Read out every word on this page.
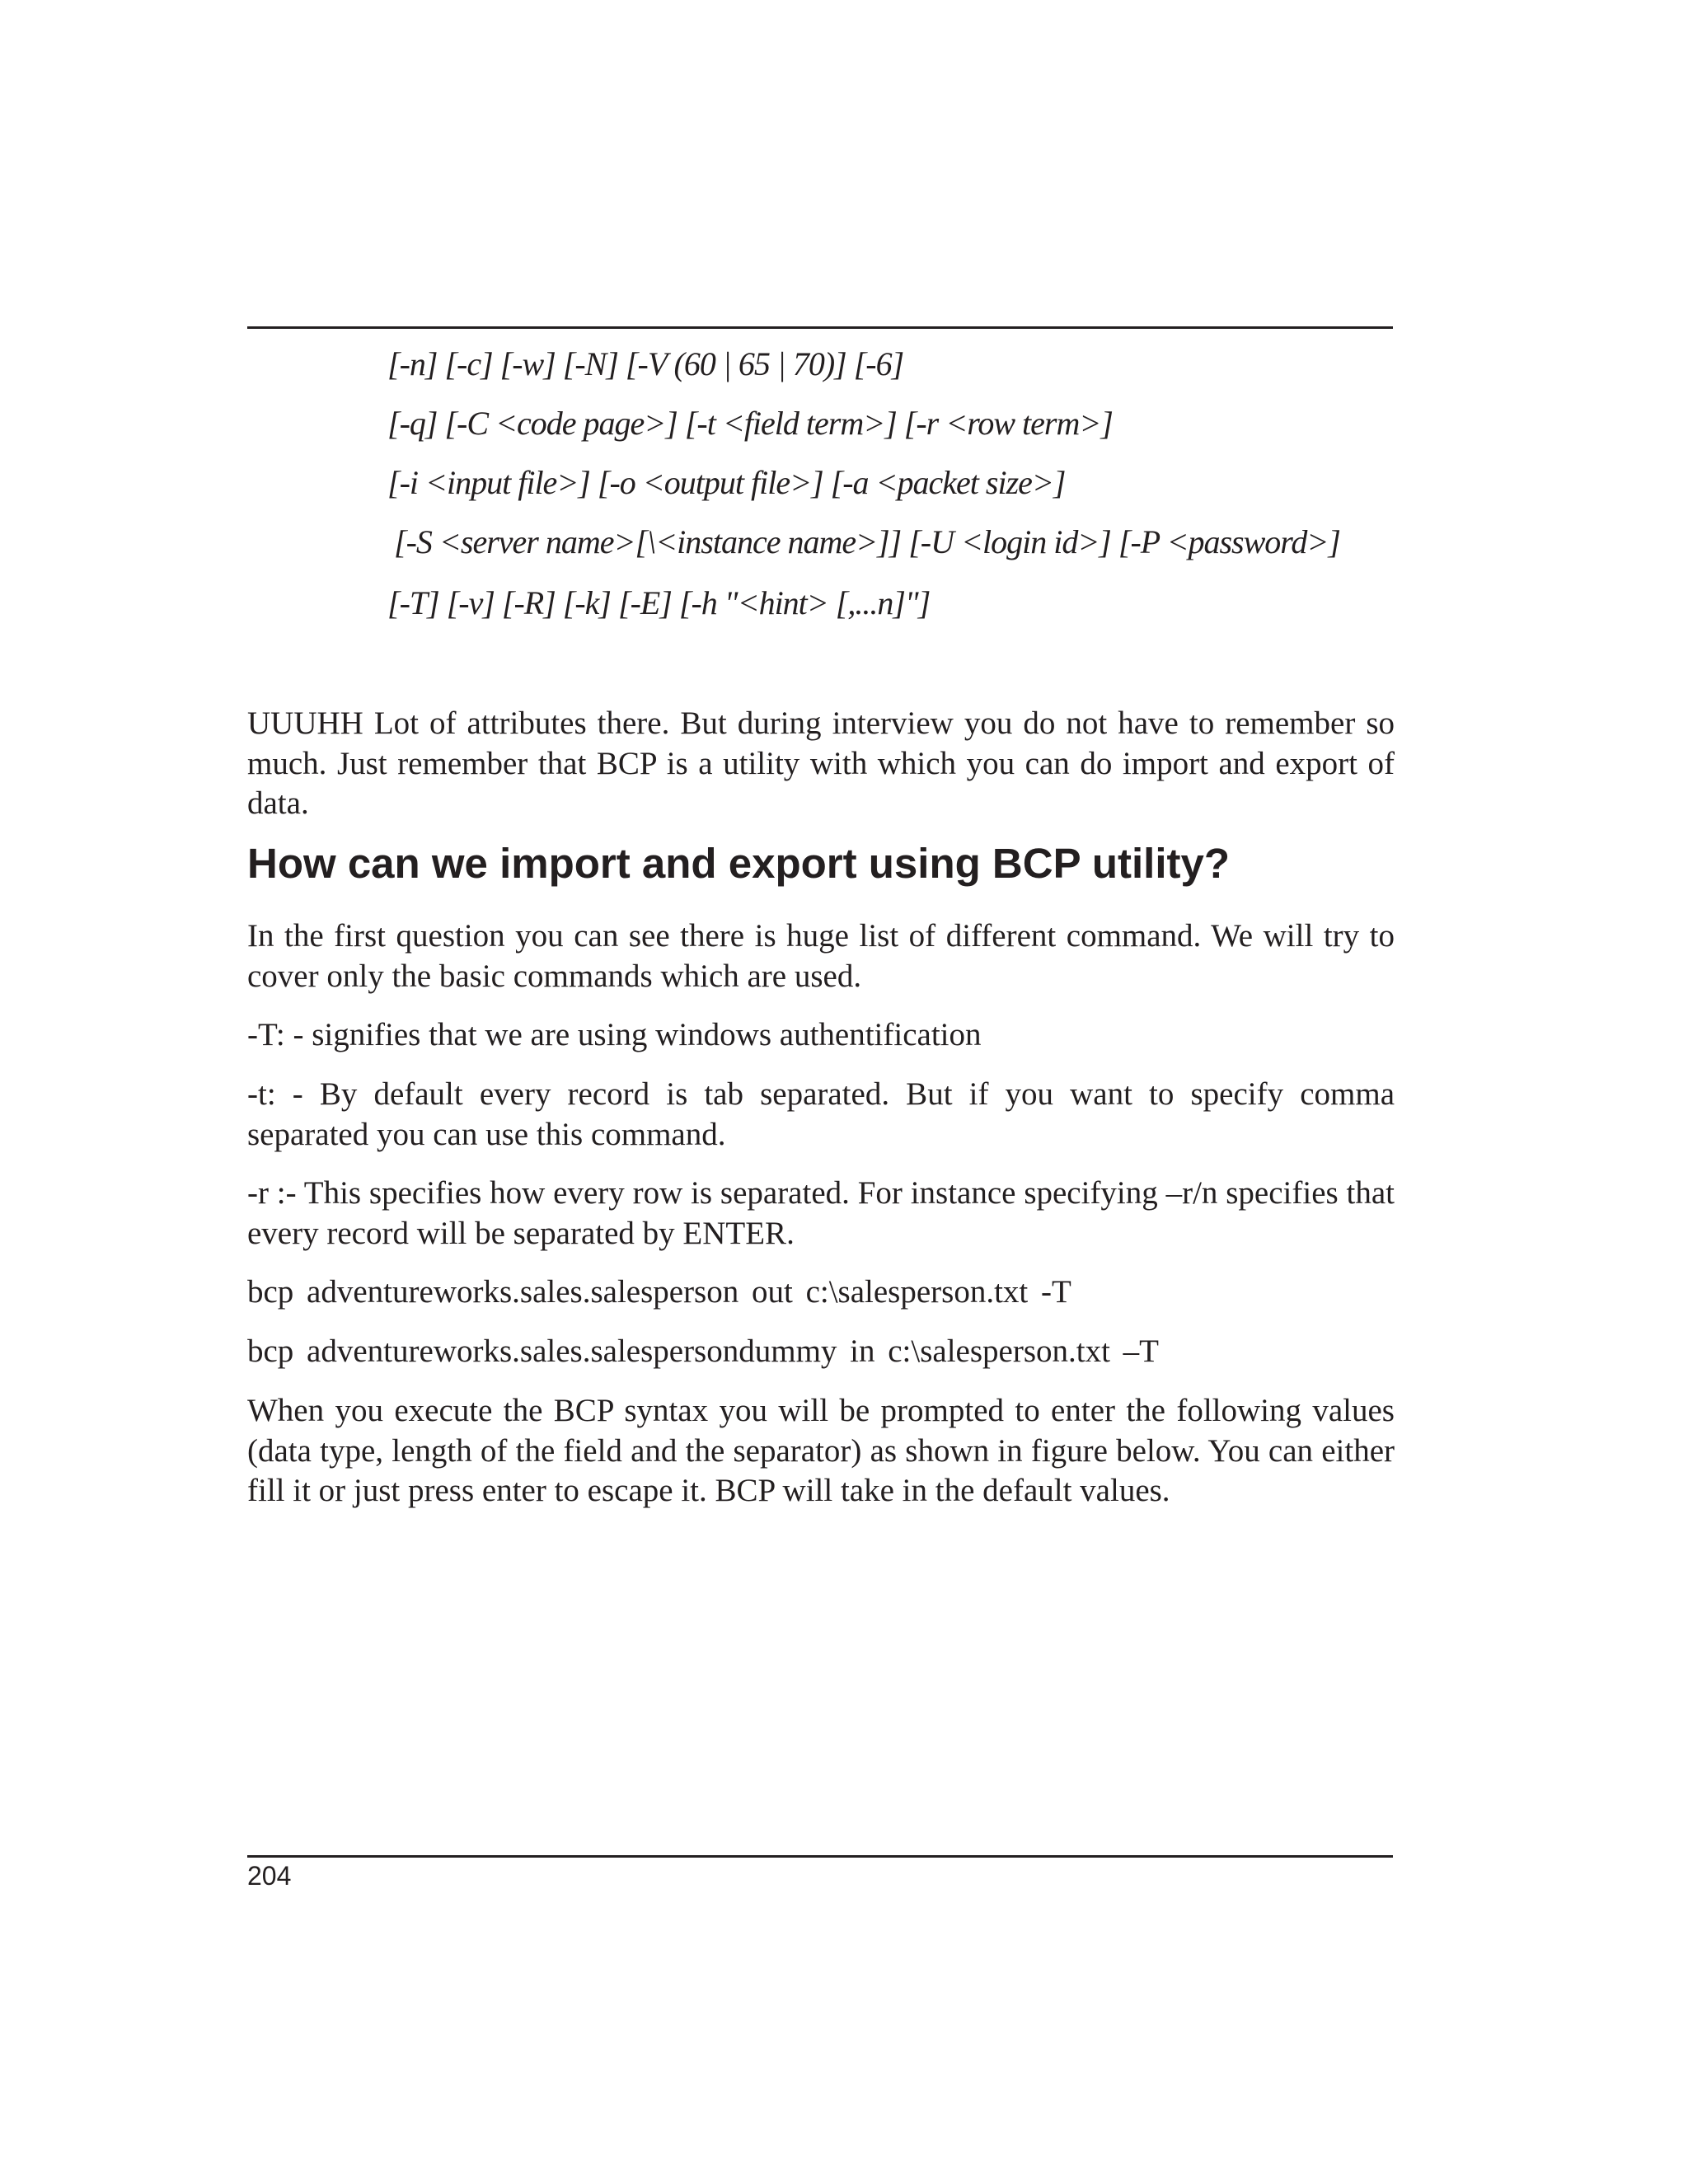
[-n] [-c] [-w] [-N] [-V (60 | 65 | 70)] [-6]
[-q] [-C <code page>] [-t <field term>] [-r <row term>]
[-i <input file>] [-o <output file>] [-a <packet size>]
[-S <server name>[\<instance name>]] [-U <login id>] [-P <password>]
[-T] [-v] [-R] [-k] [-E] [-h "<hint> [,...n]"]

UUUHH Lot of attributes there. But during interview you do not have to remember so much. Just remember that BCP is a utility with which you can do import and export of data.

How can we import and export using BCP utility?

In the first question you can see there is huge list of different command. We will try to cover only the basic commands which are used.

-T: - signifies that we are using windows authentification

-t: - By default every record is tab separated. But if you want to specify comma separated you can use this command.

-r :- This specifies how every row is separated. For instance specifying –r/n specifies that every record will be separated by ENTER.

bcp adventureworks.sales.salesperson out c:\salesperson.txt -T

bcp adventureworks.sales.salespersondummy in c:\salesperson.txt –T

When you execute the BCP syntax you will be prompted to enter the following values (data type, length of the field and the separator) as shown in figure below. You can either fill it or just press enter to escape it. BCP will take in the default values.

204
